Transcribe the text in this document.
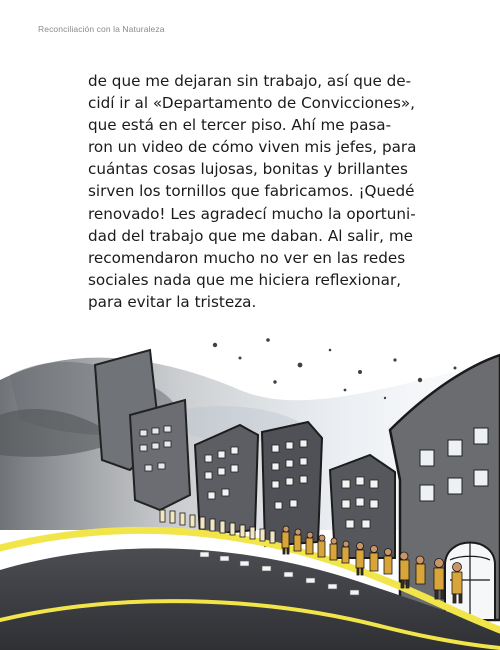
Reconciliación con la Naturaleza

de que me dejaran sin trabajo, así que de-
cidí ir al «Departamento de Convicciones»,
que está en el tercer piso. Ahí me pasa-
ron un video de cómo viven mis jefes, para
cuántas cosas lujosas, bonitas y brillantes
sirven los tornillos que fabricamos. ¡Quedé
renovado! Les agradecí mucho la oportuni-
dad del trabajo que me daban. Al salir, me
recomendaron mucho no ver en las redes
sociales nada que me hiciera reflexionar,
para evitar la tristeza.
